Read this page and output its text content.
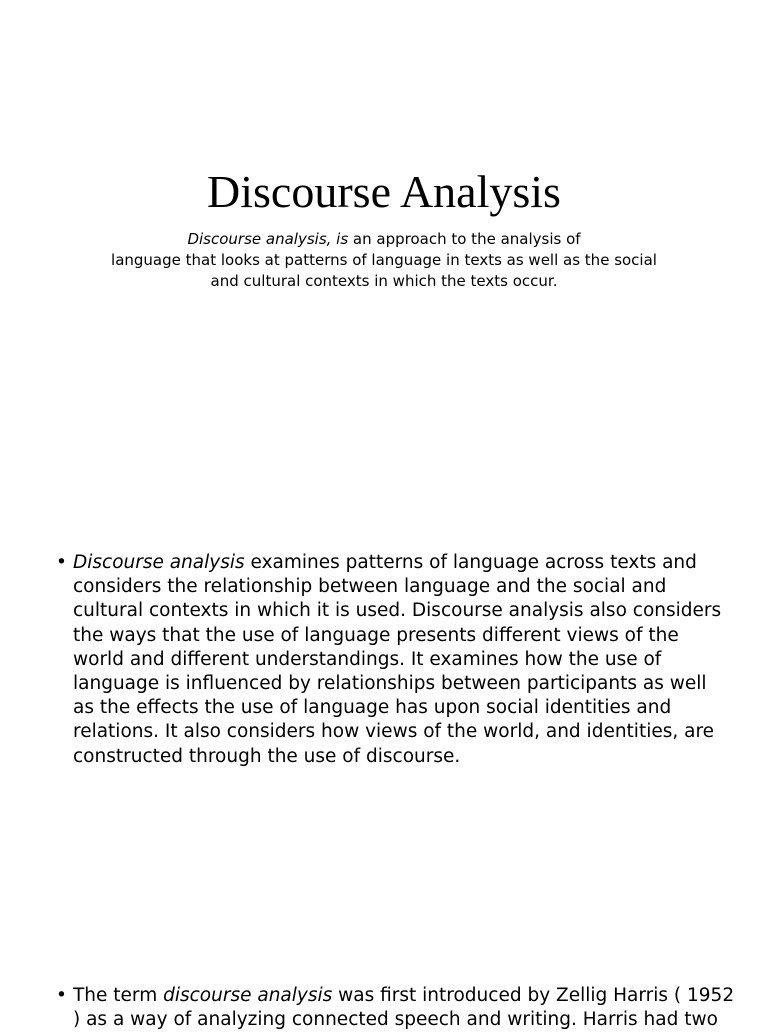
Discourse Analysis
Discourse analysis, is an approach to the analysis of
language that looks at patterns of language in texts as well as the social
and cultural contexts in which the texts occur.
• Discourse analysis examines patterns of language across texts and
considers the relationship between language and the social and
cultural contexts in which it is used. Discourse analysis also considers
the ways that the use of language presents different views of the
world and different understandings. It examines how the use of
language is influenced by relationships between participants as well
as the effects the use of language has upon social identities and
relations. It also considers how views of the world, and identities, are
constructed through the use of discourse.
• The term discourse analysis was first introduced by Zellig Harris ( 1952
) as a way of analyzing connected speech and writing. Harris had two
